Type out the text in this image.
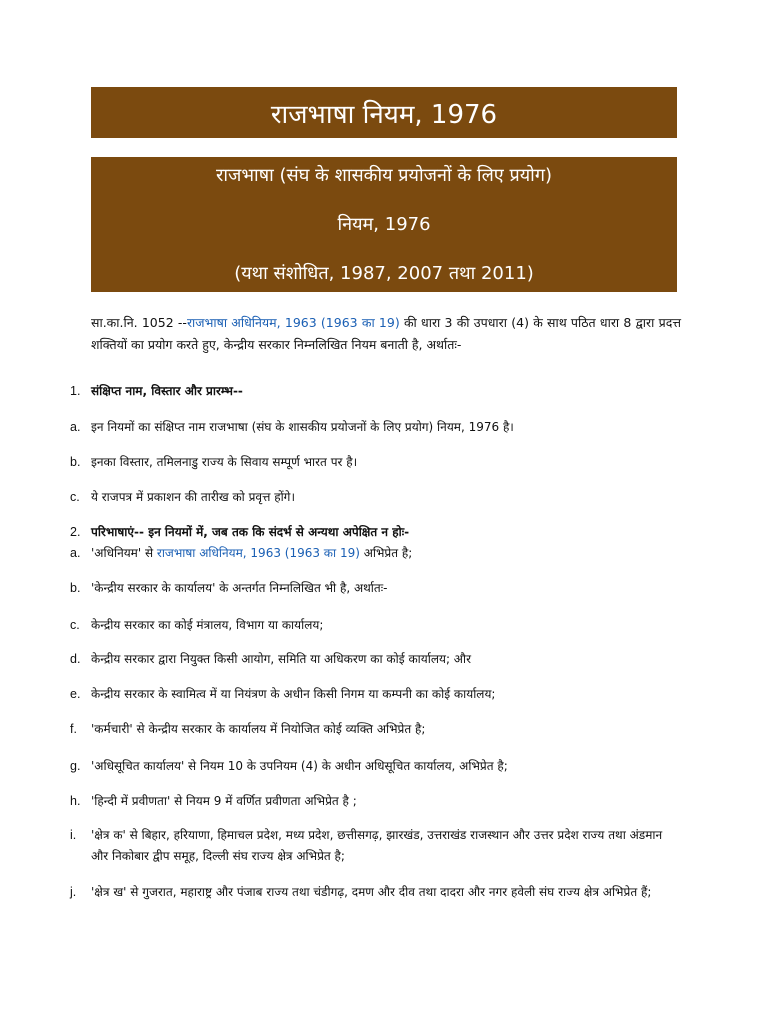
राजभाषा नियम, 1976
राजभाषा (संघ के शासकीय प्रयोजनों के लिए प्रयोग)
नियम, 1976
(यथा संशोधित, 1987, 2007 तथा 2011)
सा.का.नि. 1052 --राजभाषा अधिनियम, 1963 (1963 का 19) की धारा 3 की उपधारा (4) के साथ पठित धारा 8 द्वारा प्रदत्त शक्तियों का प्रयोग करते हुए, केन्द्रीय सरकार निम्नलिखित नियम बनाती है, अर्थातः-
1. संक्षिप्त नाम, विस्तार और प्रारम्भ--
a. इन नियमों का संक्षिप्त नाम राजभाषा (संघ के शासकीय प्रयोजनों के लिए प्रयोग) नियम, 1976 है।
b. इनका विस्तार, तमिलनाडु राज्य के सिवाय सम्पूर्ण भारत पर है।
c. ये राजपत्र में प्रकाशन की तारीख को प्रवृत्त होंगे।
2. परिभाषाएं-- इन नियमों में, जब तक कि संदर्भ से अन्यथा अपेक्षित न होः-
a. 'अधिनियम' से राजभाषा अधिनियम, 1963 (1963 का 19) अभिप्रेत है;
b. 'केन्द्रीय सरकार के कार्यालय' के अन्तर्गत निम्नलिखित भी है, अर्थातः-
c. केन्द्रीय सरकार का कोई मंत्रालय, विभाग या कार्यालय;
d. केन्द्रीय सरकार द्वारा नियुक्त किसी आयोग, समिति या अधिकरण का कोई कार्यालय; और
e. केन्द्रीय सरकार के स्वामित्व में या नियंत्रण के अधीन किसी निगम या कम्पनी का कोई कार्यालय;
f.	'कर्मचारी' से केन्द्रीय सरकार के कार्यालय में नियोजित कोई व्यक्ति अभिप्रेत है;
g. 'अधिसूचित कार्यालय' से नियम 10 के उपनियम (4) के अधीन अधिसूचित कार्यालय, अभिप्रेत है;
h. 'हिन्दी में प्रवीणता' से नियम 9 में वर्णित प्रवीणता अभिप्रेत है ;
i.	'क्षेत्र क' से बिहार, हरियाणा, हिमाचल प्रदेश, मध्य प्रदेश, छत्तीसगढ़, झारखंड, उत्तराखंड राजस्थान और उत्तर प्रदेश राज्य तथा अंडमान और निकोबार द्वीप समूह, दिल्ली संघ राज्य क्षेत्र अभिप्रेत है;
j.	'क्षेत्र ख' से गुजरात, महाराष्ट्र और पंजाब राज्य तथा चंडीगढ़, दमण और दीव तथा दादरा और नगर हवेली संघ राज्य क्षेत्र अभिप्रेत हैं;
